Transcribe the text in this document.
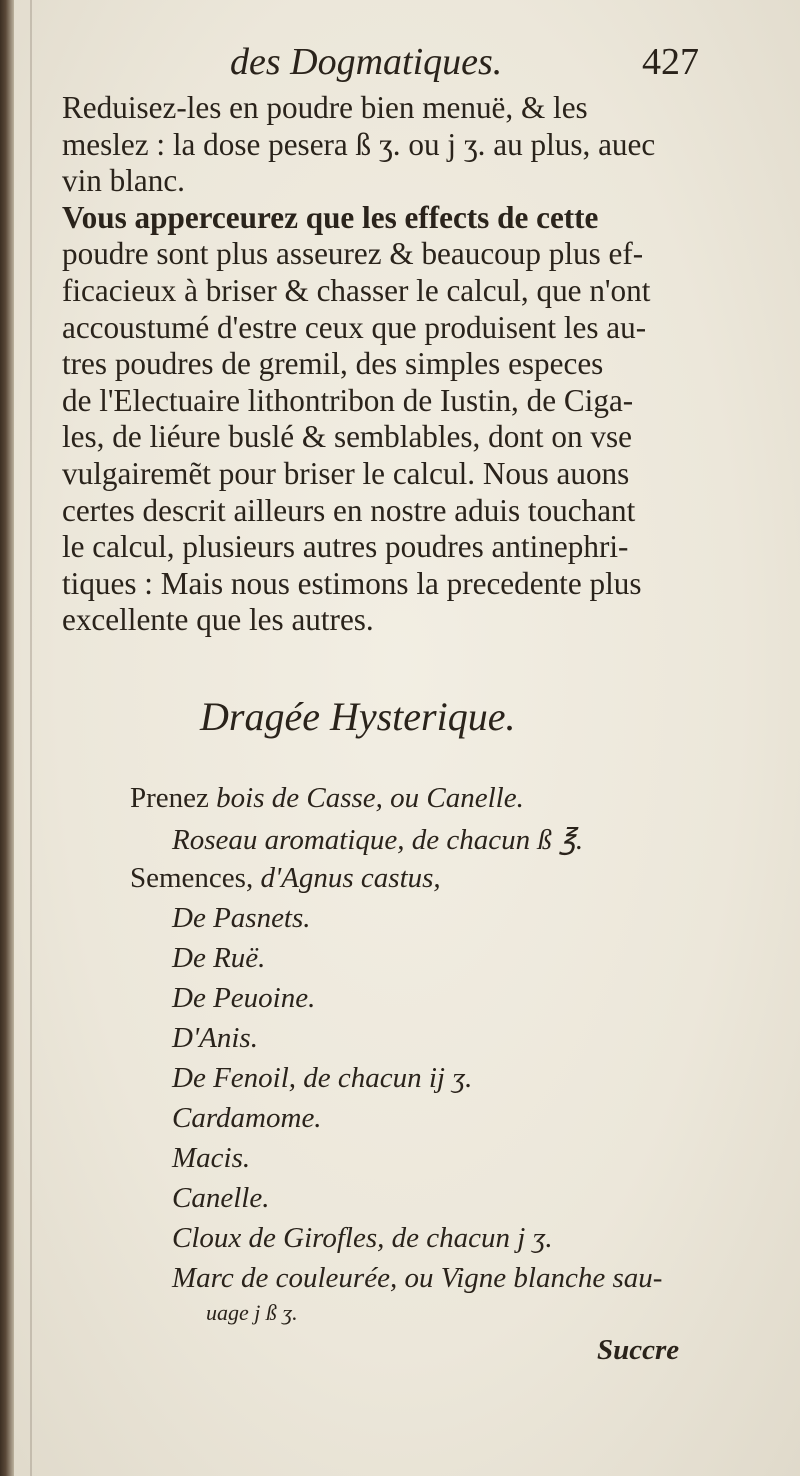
des Dogmatiques.	427
Reduisez-les en poudre bien menuë, & les
meslez : la dose pesera ß ʒ. ou j ʒ. au plus, auec
vin blanc.
Vous apperceurez que les effects de cette
poudre sont plus asseurez & beaucoup plus ef-
ficacieux à briser & chasser le calcul, que n'ont
accoustumé d'estre ceux que produisent les au-
tres poudres de gremil, des simples especes
de l'Electuaire lithontribon de Iustin, de Ciga-
les, de liéure buslé & semblables, dont on vse
vulgairemẽt pour briser le calcul. Nous auons
certes descrit ailleurs en nostre aduis touchant
le calcul, plusieurs autres poudres antinephri-
tiques : Mais nous estimons la precedente plus
excellente que les autres.
Dragée Hysterique.
Prenez bois de Casse, ou Canelle.
Roseau aromatique, de chacun ß ℥.
Semences, d'Agnus castus,
De Pasnets.
De Ruë.
De Peuoine.
D'Anis.
De Fenoil, de chacun ij ʒ.
Cardamome.
Macis.
Canelle.
Cloux de Girofles, de chacun j ʒ.
Marc de couleurée, ou Vigne blanche sau-
uage j ß ʒ.
Succre
